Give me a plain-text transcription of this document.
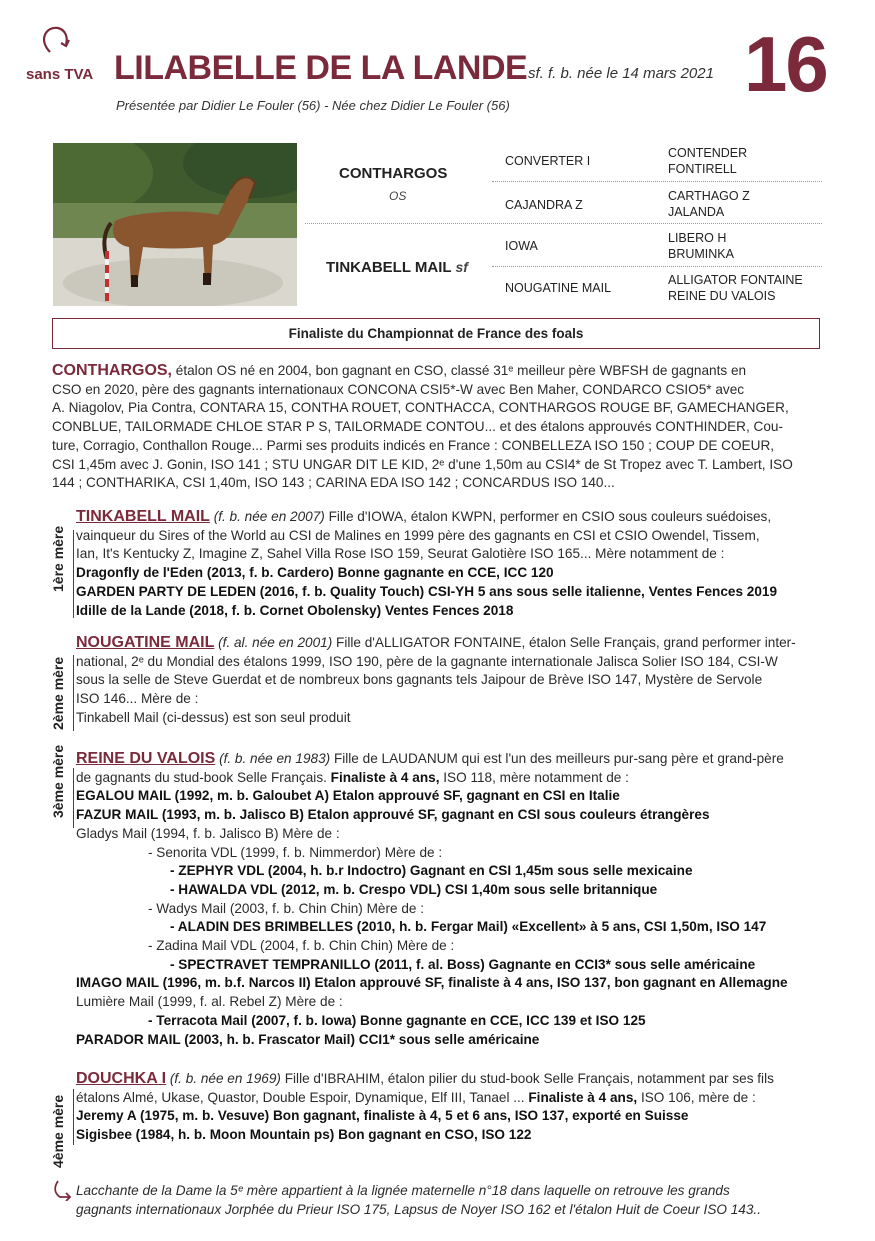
sans TVA LILABELLE DE LA LANDE sf. f. b. née le 14 mars 2021 16
Présentée par Didier Le Fouler (56) - Née chez Didier Le Fouler (56)
CONTHARGOS
OS
TINKABELL MAIL sf
CONVERTER I
CAJANDRA Z
IOWA
NOUGATINE MAIL
CONTENDER
FONTIRELL
CARTHAGO Z
JALANDA
LIBERO H
BRUMINKA
ALLIGATOR FONTAINE
REINE DU VALOIS
Finaliste du Championnat de France des foals
CONTHARGOS, étalon OS né en 2004, bon gagnant en CSO, classé 31ᵉ meilleur père WBFSH de gagnants en
CSO en 2020, père des gagnants internationaux CONCONA CSI5*-W avec Ben Maher, CONDARCO CSIO5* avec
A. Niagolov, Pia Contra, CONTARA 15, CONTHA ROUET, CONTHACCA, CONTHARGOS ROUGE BF, GAMECHANGER,
CONBLUE, TAILORMADE CHLOE STAR P S, TAILORMADE CONTOU... et des étalons approuvés CONTHINDER, Cou-
ture, Corragio, Conthallon Rouge... Parmi ses produits indicés en France : CONBELLEZA ISO 150 ; COUP DE COEUR,
CSI 1,45m avec J. Gonin, ISO 141 ; STU UNGAR DIT LE KID, 2ᵉ d'une 1,50m au CSI4* de St Tropez avec T. Lambert, ISO
144 ; CONTHARIKA, CSI 1,40m, ISO 143 ; CARINA EDA ISO 142 ; CONCARDUS ISO 140...
1ère mère
TINKABELL MAIL (f. b. née en 2007) Fille d'IOWA, étalon KWPN, performer en CSIO sous couleurs suédoises,
vainqueur du Sires of the World au CSI de Malines en 1999 père des gagnants en CSI et CSIO Owendel, Tissem,
Ian, It's Kentucky Z, Imagine Z, Sahel Villa Rose ISO 159, Seurat Galotière ISO 165... Mère notamment de :
Dragonfly de l'Eden (2013, f. b. Cardero) Bonne gagnante en CCE, ICC 120
GARDEN PARTY DE LEDEN (2016, f. b. Quality Touch) CSI-YH 5 ans sous selle italienne, Ventes Fences 2019
Idille de la Lande (2018, f. b. Cornet Obolensky) Ventes Fences 2018
2ème mère
NOUGATINE MAIL (f. al. née en 2001) Fille d'ALLIGATOR FONTAINE, étalon Selle Français, grand performer inter-
national, 2ᵉ du Mondial des étalons 1999, ISO 190, père de la gagnante internationale Jalisca Solier ISO 184, CSI-W
sous la selle de Steve Guerdat et de nombreux bons gagnants tels Jaipour de Brève ISO 147, Mystère de Servole
ISO 146... Mère de :
Tinkabell Mail (ci-dessus) est son seul produit
3ème mère REINE DU VALOIS (f. b. née en 1983) Fille de LAUDANUM qui est l'un des meilleurs pur-sang père et grand-père
de gagnants du stud-book Selle Français. Finaliste à 4 ans, ISO 118, mère notamment de :
EGALOU MAIL (1992, m. b. Galoubet A) Etalon approuvé SF, gagnant en CSI en Italie
FAZUR MAIL (1993, m. b. Jalisco B) Etalon approuvé SF, gagnant en CSI sous couleurs étrangères
Gladys Mail (1994, f. b. Jalisco B) Mère de :
- Senorita VDL (1999, f. b. Nimmerdor) Mère de :
- ZEPHYR VDL (2004, h. b.r Indoctro) Gagnant en CSI 1,45m sous selle mexicaine
- HAWALDA VDL (2012, m. b. Crespo VDL) CSI 1,40m sous selle britannique
- Wadys Mail (2003, f. b. Chin Chin) Mère de :
- ALADIN DES BRIMBELLES (2010, h. b. Fergar Mail) «Excellent» à 5 ans, CSI 1,50m, ISO 147
- Zadina Mail VDL (2004, f. b. Chin Chin) Mère de :
- SPECTRAVET TEMPRANILLO (2011, f. al. Boss) Gagnante en CCI3* sous selle américaine
IMAGO MAIL (1996, m. b.f. Narcos II) Etalon approuvé SF, finaliste à 4 ans, ISO 137, bon gagnant en Allemagne
Lumière Mail (1999, f. al. Rebel Z) Mère de :
- Terracota Mail (2007, f. b. Iowa) Bonne gagnante en CCE, ICC 139 et ISO 125
PARADOR MAIL (2003, h. b. Frascator Mail) CCI1* sous selle américaine
4ème mère
DOUCHKA I (f. b. née en 1969) Fille d'IBRAHIM, étalon pilier du stud-book Selle Français, notamment par ses fils
étalons Almé, Ukase, Quastor, Double Espoir, Dynamique, Elf III, Tanael ... Finaliste à 4 ans, ISO 106, mère de :
Jeremy A (1975, m. b. Vesuve) Bon gagnant, finaliste à 4, 5 et 6 ans, ISO 137, exporté en Suisse
Sigisbee (1984, h. b. Moon Mountain ps) Bon gagnant en CSO, ISO 122
Lacchante de la Dame la 5ᵉ mère appartient à la lignée maternelle n°18 dans laquelle on retrouve les grands
gagnants internationaux Jorphée du Prieur ISO 175, Lapsus de Noyer ISO 162 et l'étalon Huit de Coeur ISO 143..
